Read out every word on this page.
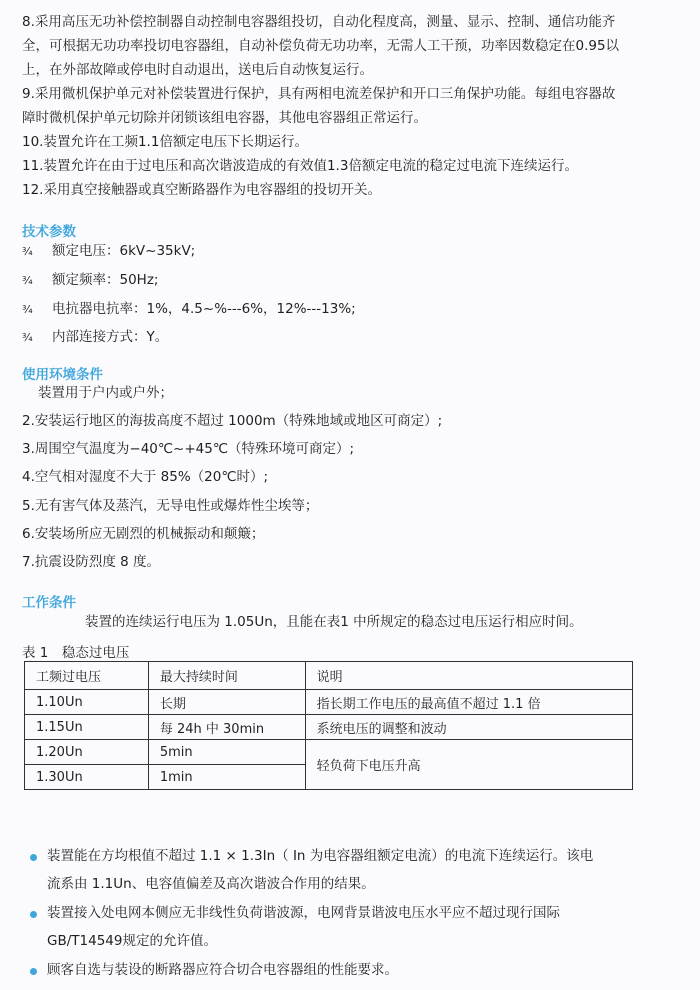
8.采用高压无功补偿控制器自动控制电容器组投切，自动化程度高，测量、显示、控制、通信功能齐
全，可根据无功功率投切电容器组，自动补偿负荷无功功率，无需人工干预，功率因数稳定在0.95以
上，在外部故障或停电时自动退出，送电后自动恢复运行。
9.采用微机保护单元对补偿装置进行保护，具有两相电流差保护和开口三角保护功能。每组电容器故
障时微机保护单元切除并闭锁该组电容器，其他电容器组正常运行。
10.装置允许在工频1.1倍额定电压下长期运行。
11.装置允许在由于过电压和高次谐波造成的有效值1.3倍额定电流的稳定过电流下连续运行。
12.采用真空接触器或真空断路器作为电容器组的投切开关。
技术参数
¾ 额定电压：6kV~35kV;
¾ 额定频率：50Hz;
¾ 电抗器电抗率：1%，4.5~%---6%，12%---13%;
¾ 内部连接方式：Y。
使用环境条件
装置用于户内或户外；
2.安装运行地区的海拔高度不超过 1000m（特殊地域或地区可商定）;
3.周围空气温度为−40℃~+45℃（特殊环境可商定）;
4.空气相对湿度不大于 85%（20℃时）;
5.无有害气体及蒸汽，无导电性或爆炸性尘埃等；
6.安装场所应无剧烈的机械振动和颠簸；
7.抗震设防烈度 8 度。
工作条件
装置的连续运行电压为 1.05Un，且能在表1 中所规定的稳态过电压运行相应时间。
表 1　稳态过电压
工频过电压	最大持续时间	说明
1.10Un	长期	指长期工作电压的最高值不超过 1.1 倍
1.15Un	每 24h 中 30min	系统电压的调整和波动
1.20Un	5min	轻负荷下电压升高
1.30Un	1min	
装置能在方均根值不超过 1.1 × 1.3In（ In 为电容器组额定电流）的电流下连续运行。该电
流系由 1.1Un、电容值偏差及高次谐波合作用的结果。
装置接入处电网本侧应无非线性负荷谐波源，电网背景谐波电压水平应不超过现行国际
GB/T14549规定的允许值。
顾客自选与装设的断路器应符合切合电容器组的性能要求。
